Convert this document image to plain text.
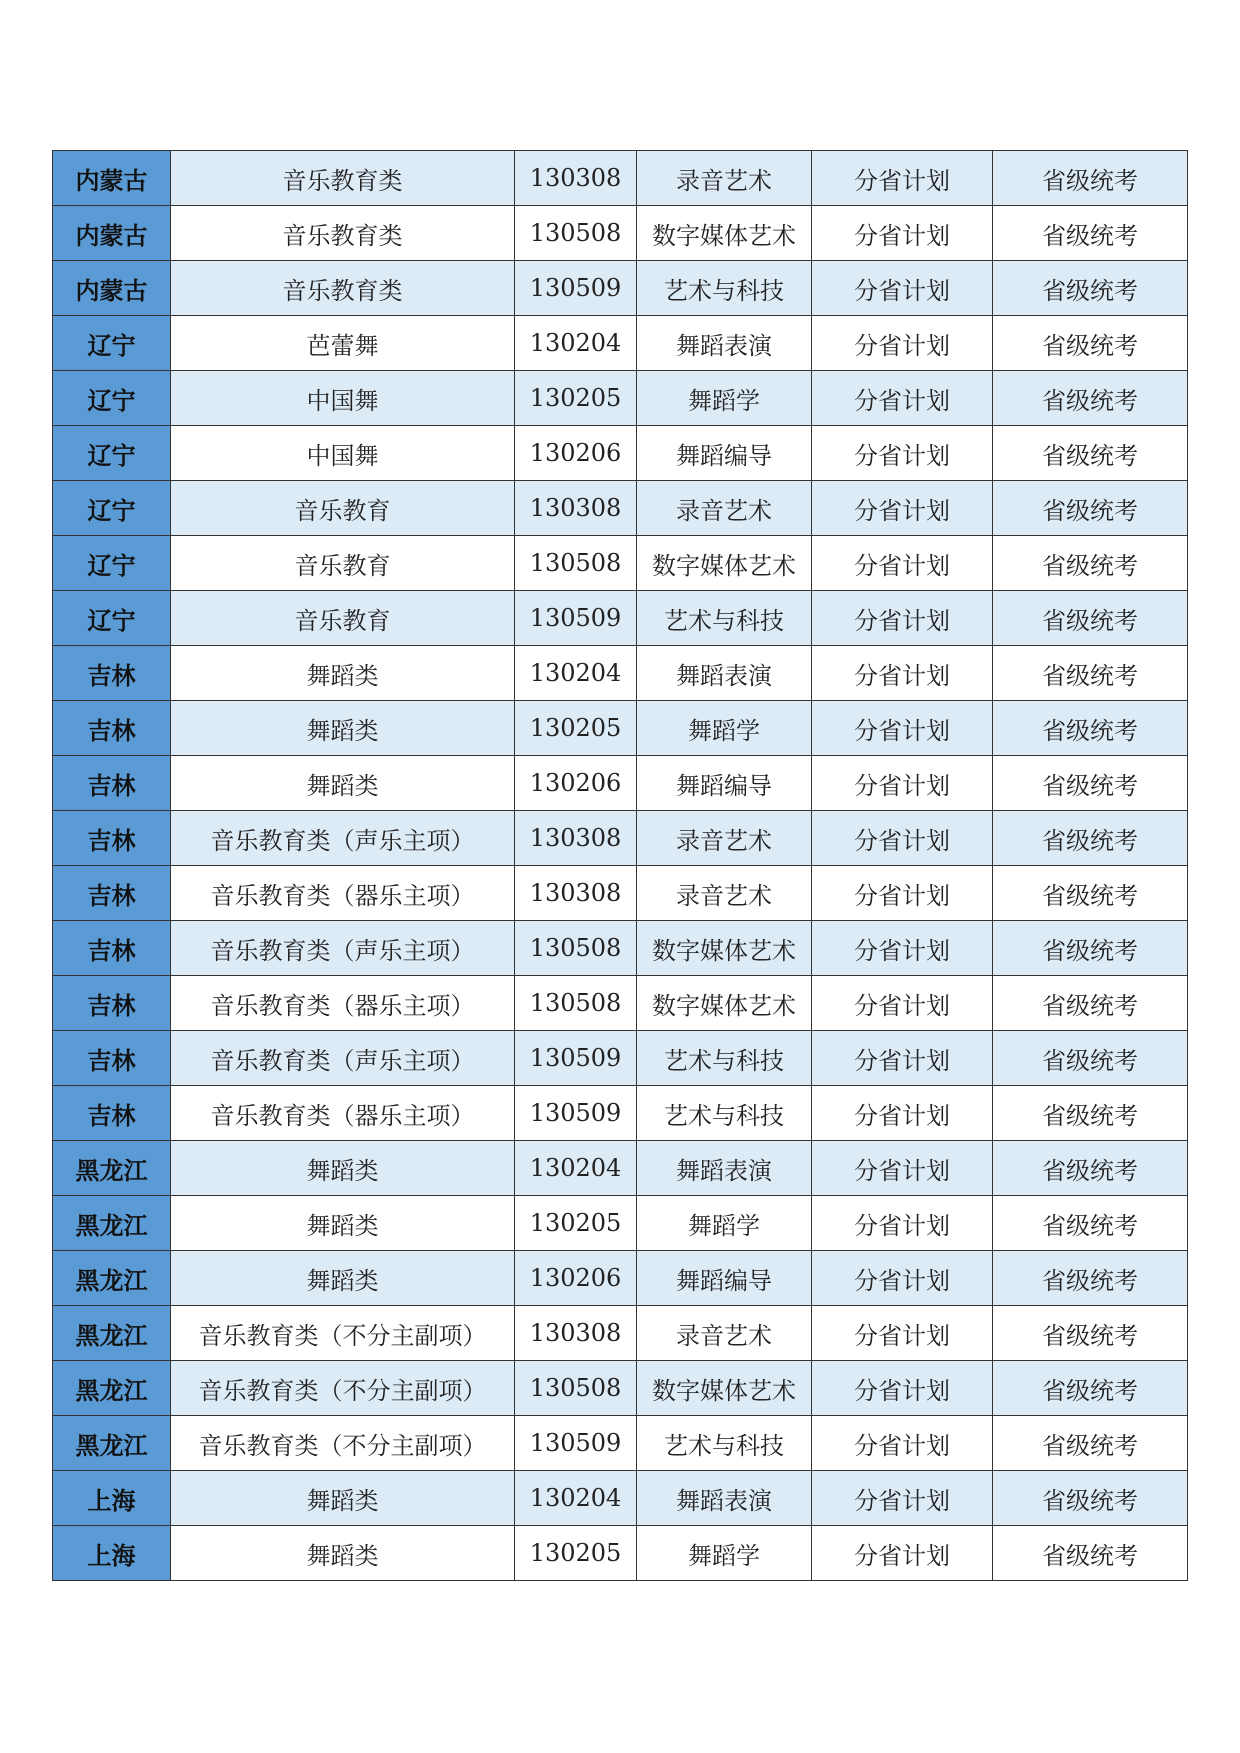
内蒙古	音乐教育类	130308	录音艺术	分省计划	省级统考
内蒙古	音乐教育类	130508	数字媒体艺术	分省计划	省级统考
内蒙古	音乐教育类	130509	艺术与科技	分省计划	省级统考
辽宁	芭蕾舞	130204	舞蹈表演	分省计划	省级统考
辽宁	中国舞	130205	舞蹈学	分省计划	省级统考
辽宁	中国舞	130206	舞蹈编导	分省计划	省级统考
辽宁	音乐教育	130308	录音艺术	分省计划	省级统考
辽宁	音乐教育	130508	数字媒体艺术	分省计划	省级统考
辽宁	音乐教育	130509	艺术与科技	分省计划	省级统考
吉林	舞蹈类	130204	舞蹈表演	分省计划	省级统考
吉林	舞蹈类	130205	舞蹈学	分省计划	省级统考
吉林	舞蹈类	130206	舞蹈编导	分省计划	省级统考
吉林	音乐教育类（声乐主项）	130308	录音艺术	分省计划	省级统考
吉林	音乐教育类（器乐主项）	130308	录音艺术	分省计划	省级统考
吉林	音乐教育类（声乐主项）	130508	数字媒体艺术	分省计划	省级统考
吉林	音乐教育类（器乐主项）	130508	数字媒体艺术	分省计划	省级统考
吉林	音乐教育类（声乐主项）	130509	艺术与科技	分省计划	省级统考
吉林	音乐教育类（器乐主项）	130509	艺术与科技	分省计划	省级统考
黑龙江	舞蹈类	130204	舞蹈表演	分省计划	省级统考
黑龙江	舞蹈类	130205	舞蹈学	分省计划	省级统考
黑龙江	舞蹈类	130206	舞蹈编导	分省计划	省级统考
黑龙江	音乐教育类（不分主副项）	130308	录音艺术	分省计划	省级统考
黑龙江	音乐教育类（不分主副项）	130508	数字媒体艺术	分省计划	省级统考
黑龙江	音乐教育类（不分主副项）	130509	艺术与科技	分省计划	省级统考
上海	舞蹈类	130204	舞蹈表演	分省计划	省级统考
上海	舞蹈类	130205	舞蹈学	分省计划	省级统考
